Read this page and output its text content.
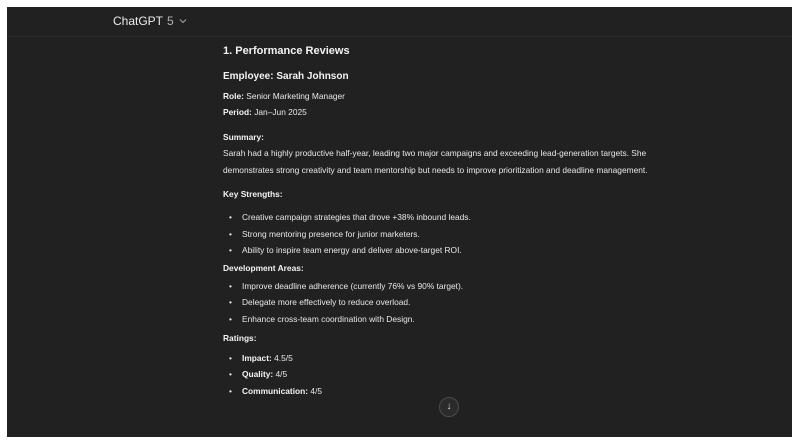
ChatGPT 5
1. Performance Reviews
Employee: Sarah Johnson
Role: Senior Marketing Manager
Period: Jan–Jun 2025
Summary:
Sarah had a highly productive half-year, leading two major campaigns and exceeding lead-generation targets. She demonstrates strong creativity and team mentorship but needs to improve prioritization and deadline management.
Key Strengths:
• Creative campaign strategies that drove +38% inbound leads.
• Strong mentoring presence for junior marketers.
• Ability to inspire team energy and deliver above-target ROI.
Development Areas:
• Improve deadline adherence (currently 76% vs 90% target).
• Delegate more effectively to reduce overload.
• Enhance cross-team coordination with Design.
Ratings:
• Impact: 4.5/5
• Quality: 4/5
• Communication: 4/5
↓
